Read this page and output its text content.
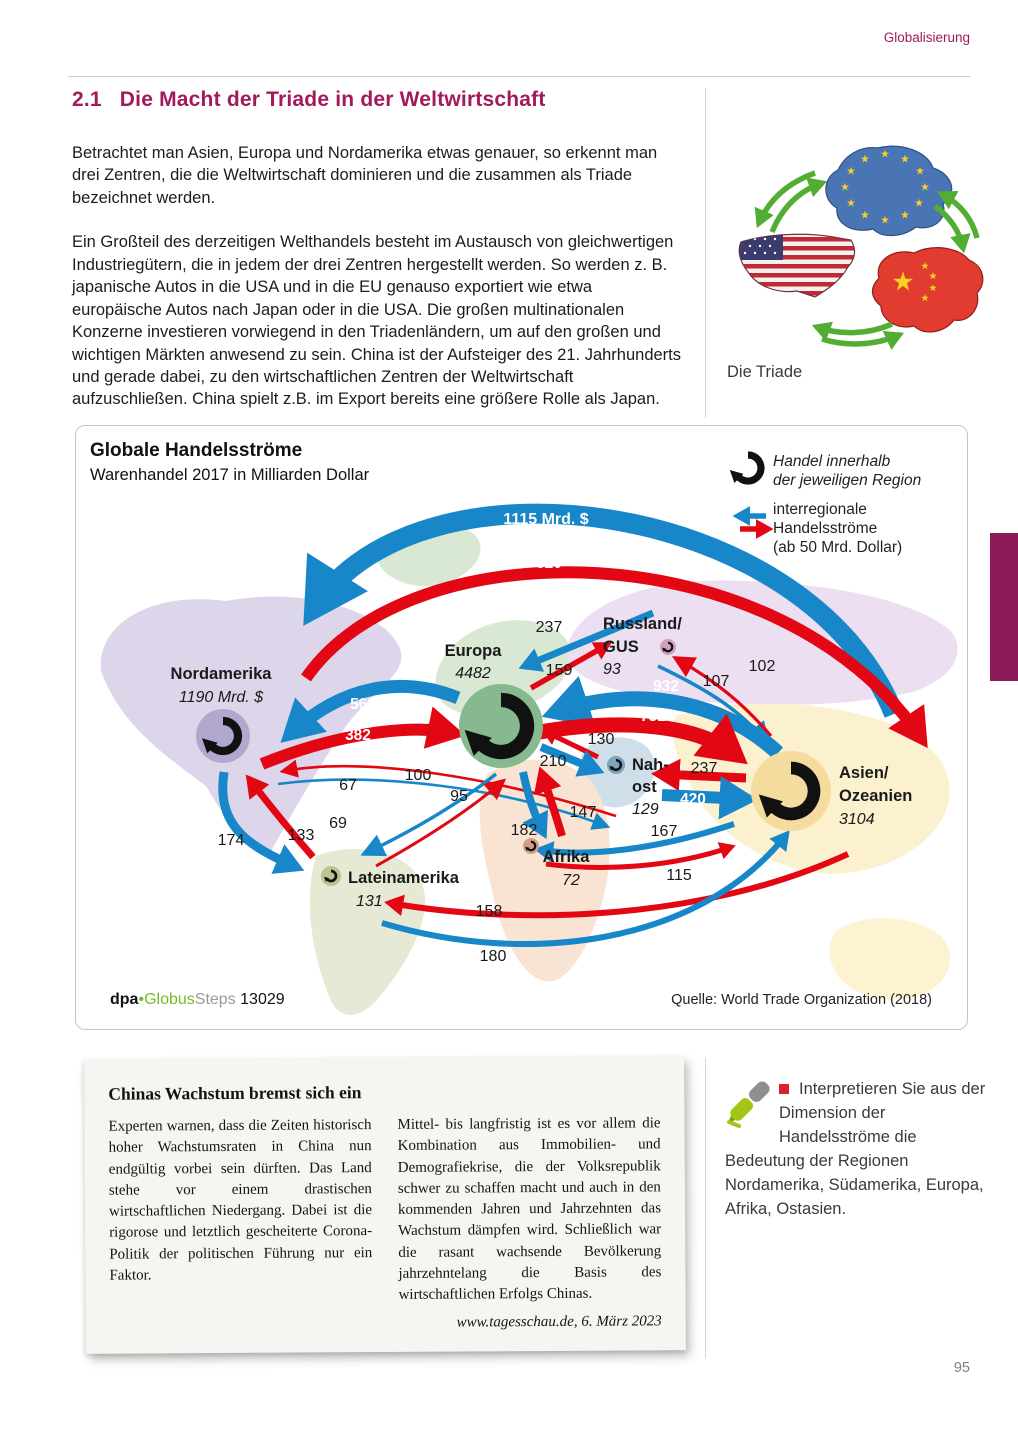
Globalisierung
2.1 Die Macht der Triade in der Weltwirtschaft

Betrachtet man Asien, Europa und Nordamerika etwas genauer, so erkennt man drei Zentren, die die Weltwirtschaft dominieren und die zusammen als Triade bezeichnet werden.

Ein Großteil des derzeitigen Welthandels besteht im Austausch von gleichwertigen Industriegütern, die in jedem der drei Zentren hergestellt werden. So werden z. B. japanische Autos in die USA und in die EU genauso exportiert wie etwa europäische Autos nach Japan oder in die USA. Die großen multinationalen Konzerne investieren vorwiegend in den Triadenländern, um auf den großen und wichtigen Märkten anwesend zu sein. China ist der Aufsteiger des 21. Jahrhunderts und gerade dabei, zu den wirtschaftlichen Zentren der Weltwirtschaft aufzuschließen. China spielt z.B. im Export bereits eine größere Rolle als Japan.

Die Triade
Nordamerika
1190 Mrd. $
Europa
4482
Russland/
GUS
93
Nah-
ost
129
Asien/
Ozeanien
3104
Afrika
72
Lateinamerika
131
1115 Mrd. $
520
563
382
237
159
932
731
107
102
130
210	237
420
67
69
100
95
174	133	182
147
167
115
158
180
Globale Handelsströme
Warenhandel 2017 in Milliarden Dollar
Handel innerhalb
der jeweiligen Region
interregionale
Handelsströme
(ab 50 Mrd. Dollar)
dpa•GlobusSteps 13029	Quelle: World Trade Organization (2018)
Chinas Wachstum bremst sich ein
Experten warnen, dass die Zeiten historisch hoher Wachstumsraten in China nun endgültig vorbei sein dürften. Das Land stehe vor einem drastischen wirtschaftlichen Niedergang. Dabei ist die rigorose und letztlich gescheiterte Corona-Politik der politischen Führung nur ein Faktor.
Mittel- bis langfristig ist es vor allem die Kombination aus Immobilien- und Demografiekrise, die der Volksrepublik schwer zu schaffen macht und auch in den kommenden Jahren und Jahrzehnten das Wachstum dämpfen wird. Schließlich war die rasant wachsende Bevölkerung jahrzehntelang die Basis des wirtschaftlichen Erfolgs Chinas.
www.tagesschau.de, 6. März 2023
Interpretieren Sie aus der Dimension der Handelsströme die Bedeutung der Regionen Nordamerika, Südamerika, Europa, Afrika, Ostasien.
95
